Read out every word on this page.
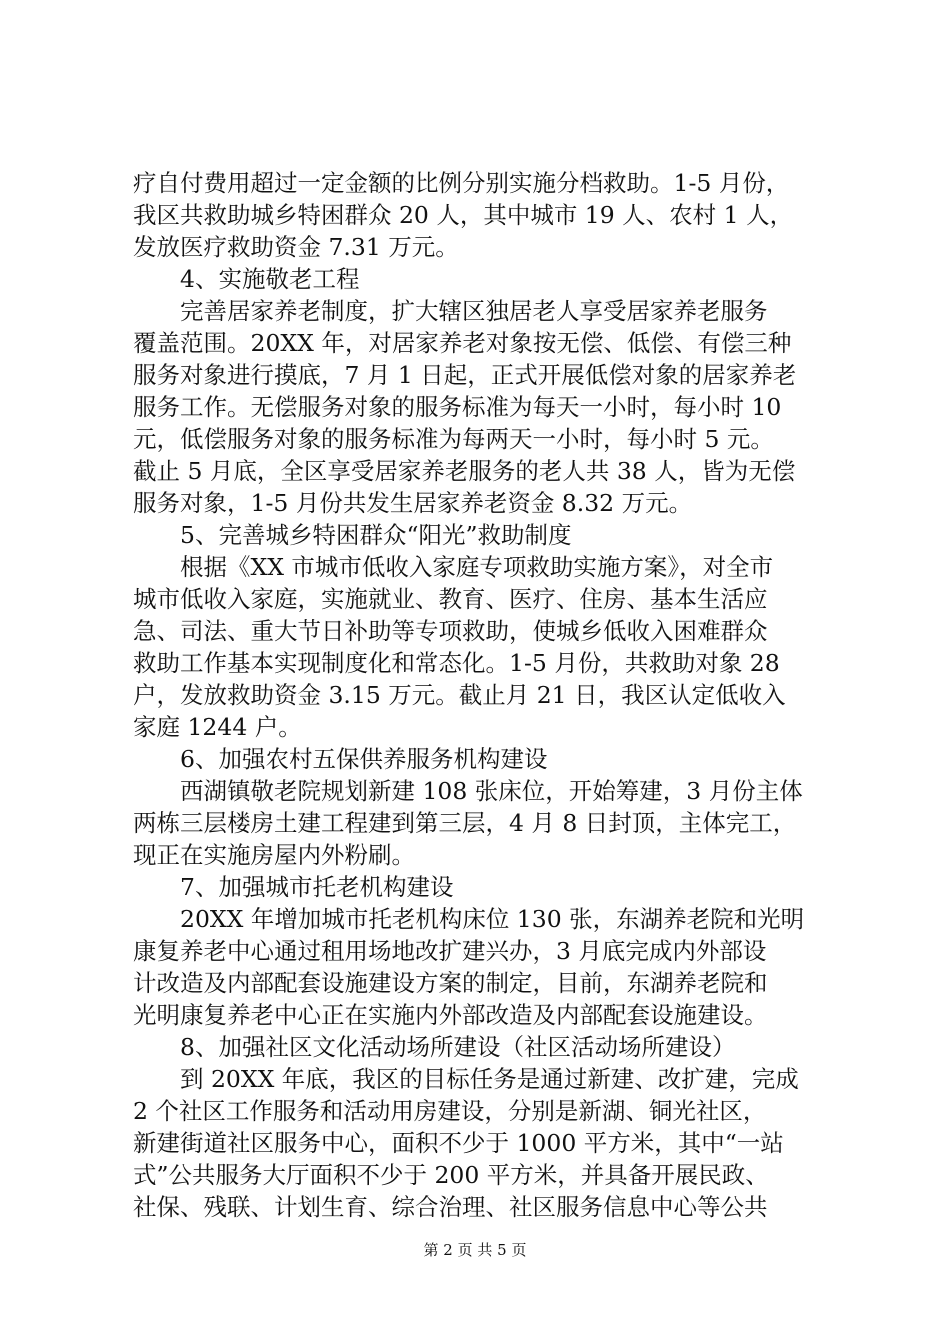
疗自付费用超过一定金额的比例分别实施分档救助。1-5 月份，
我区共救助城乡特困群众 20 人，其中城市 19 人、农村 1 人，
发放医疗救助资金 7.31 万元。
4、实施敬老工程
完善居家养老制度，扩大辖区独居老人享受居家养老服务
覆盖范围。20XX 年，对居家养老对象按无偿、低偿、有偿三种
服务对象进行摸底，7 月 1 日起，正式开展低偿对象的居家养老
服务工作。无偿服务对象的服务标准为每天一小时，每小时 10
元，低偿服务对象的服务标准为每两天一小时，每小时 5 元。
截止 5 月底，全区享受居家养老服务的老人共 38 人，皆为无偿
服务对象，1-5 月份共发生居家养老资金 8.32 万元。
5、完善城乡特困群众“阳光”救助制度
根据《XX 市城市低收入家庭专项救助实施方案》，对全市
城市低收入家庭，实施就业、教育、医疗、住房、基本生活应
急、司法、重大节日补助等专项救助，使城乡低收入困难群众
救助工作基本实现制度化和常态化。1-5 月份，共救助对象 28
户，发放救助资金 3.15 万元。截止月 21 日，我区认定低收入
家庭 1244 户。
6、加强农村五保供养服务机构建设
西湖镇敬老院规划新建 108 张床位，开始筹建，3 月份主体
两栋三层楼房土建工程建到第三层，4 月 8 日封顶，主体完工，
现正在实施房屋内外粉刷。
7、加强城市托老机构建设
20XX 年增加城市托老机构床位 130 张，东湖养老院和光明
康复养老中心通过租用场地改扩建兴办，3 月底完成内外部设
计改造及内部配套设施建设方案的制定，目前，东湖养老院和
光明康复养老中心正在实施内外部改造及内部配套设施建设。
8、加强社区文化活动场所建设（社区活动场所建设）
到 20XX 年底，我区的目标任务是通过新建、改扩建，完成
2 个社区工作服务和活动用房建设，分别是新湖、铜光社区，
新建街道社区服务中心，面积不少于 1000 平方米，其中“一站
式”公共服务大厅面积不少于 200 平方米，并具备开展民政、
社保、残联、计划生育、综合治理、社区服务信息中心等公共
第 2 页 共 5 页
